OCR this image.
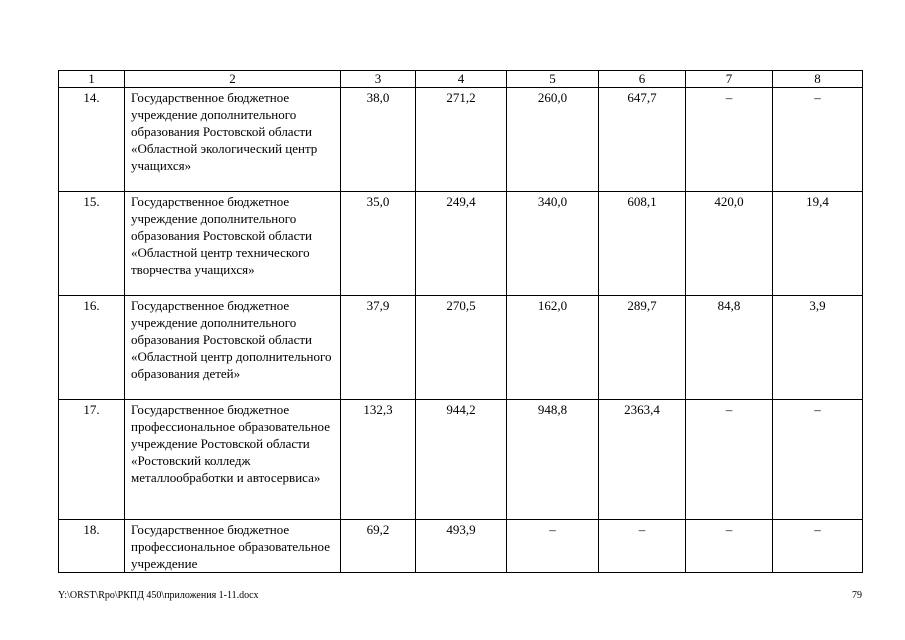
1	2	3	4	5	6	7	8
14.	Государственное бюджетное учреждение дополнительного образования Ростовской области «Областной экологический центр учащихся»	38,0	271,2	260,0	647,7	–	–
15.	Государственное бюджетное учреждение дополнительного образования Ростовской области «Областной центр технического творчества учащихся»	35,0	249,4	340,0	608,1	420,0	19,4
16.	Государственное бюджетное учреждение дополнительного образования Ростовской области «Областной центр дополнительного образования детей»	37,9	270,5	162,0	289,7	84,8	3,9
17.	Государственное бюджетное профессиональное образовательное учреждение Ростовской области «Ростовский колледж металлообработки и автосервиса»	132,3	944,2	948,8	2363,4	–	–
18.	Государственное бюджетное профессиональное образовательное учреждение	69,2	493,9	–	–	–	–
Y:\ORST\Rpo\РКПД 450\приложения 1-11.docx	79
